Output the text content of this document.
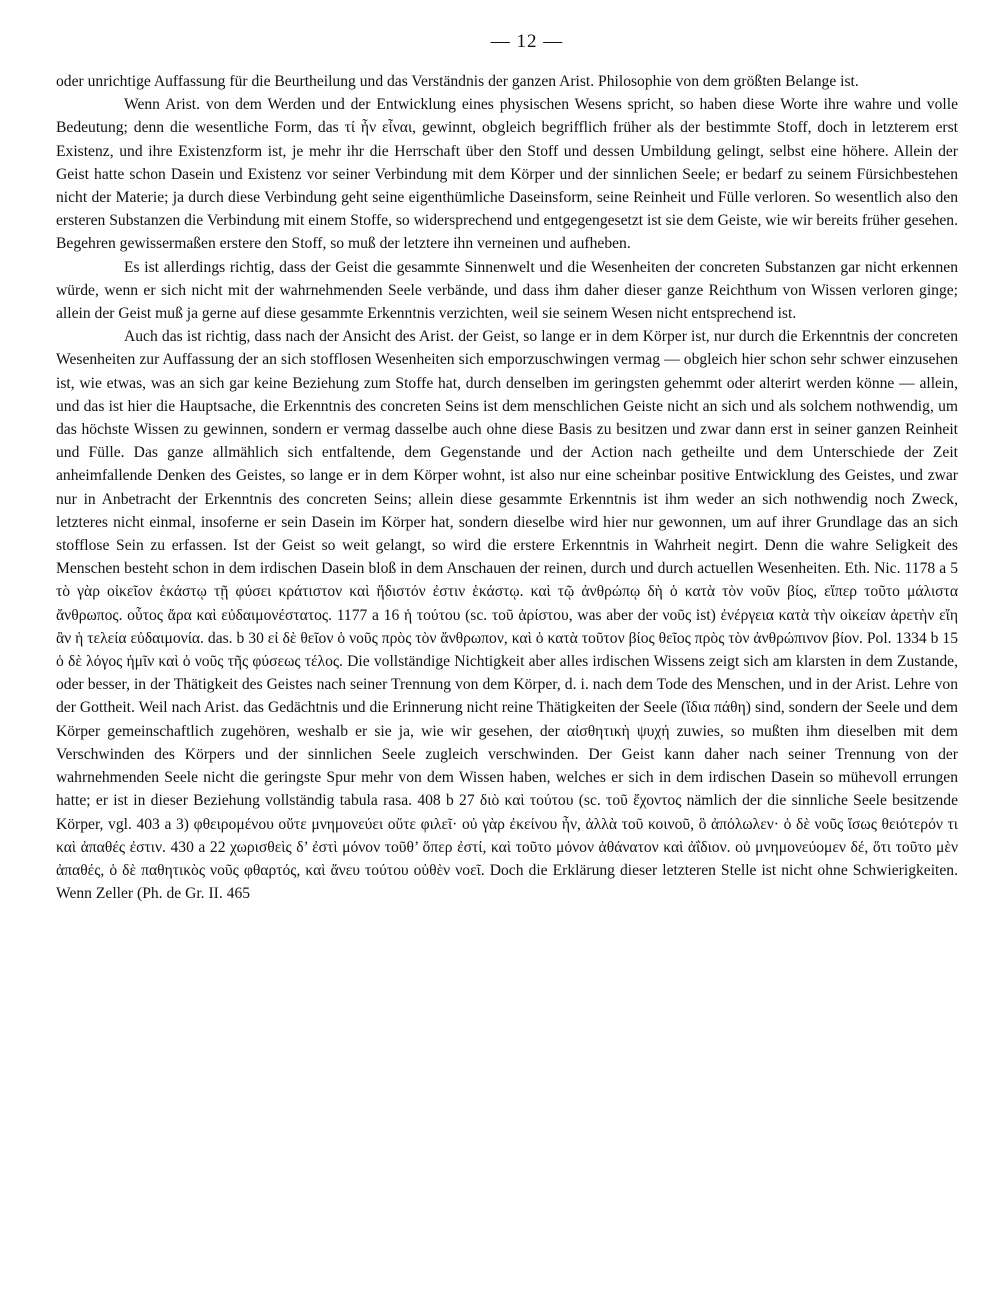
— 12 —

oder unrichtige Auffassung für die Beurtheilung und das Verständnis der ganzen Arist. Philosophie von dem größten Belange ist.

Wenn Arist. von dem Werden und der Entwicklung eines physischen Wesens spricht, so haben diese Worte ihre wahre und volle Bedeutung; denn die wesentliche Form, das τί ἦν εἶναι, gewinnt, obgleich begrifflich früher als der bestimmte Stoff, doch in letzterem erst Existenz, und ihre Existenzform ist, je mehr ihr die Herrschaft über den Stoff und dessen Umbildung gelingt, selbst eine höhere. Allein der Geist hatte schon Dasein und Existenz vor seiner Verbindung mit dem Körper und der sinnlichen Seele; er bedarf zu seinem Fürsichbestehen nicht der Materie; ja durch diese Verbindung geht seine eigenthümliche Daseinsform, seine Reinheit und Fülle verloren. So wesentlich also den ersteren Substanzen die Verbindung mit einem Stoffe, so widersprechend und entgegengesetzt ist sie dem Geiste, wie wir bereits früher gesehen. Begehren gewissermaßen erstere den Stoff, so muß der letztere ihn verneinen und aufheben.

Es ist allerdings richtig, dass der Geist die gesammte Sinnenwelt und die Wesenheiten der concreten Substanzen gar nicht erkennen würde, wenn er sich nicht mit der wahrnehmenden Seele verbände, und dass ihm daher dieser ganze Reichthum von Wissen verloren ginge; allein der Geist muß ja gerne auf diese gesammte Erkenntnis verzichten, weil sie seinem Wesen nicht entsprechend ist.

Auch das ist richtig, dass nach der Ansicht des Arist. der Geist, so lange er in dem Körper ist, nur durch die Erkenntnis der concreten Wesenheiten zur Auffassung der an sich stofflosen Wesenheiten sich emporzuschwingen vermag — obgleich hier schon sehr schwer einzusehen ist, wie etwas, was an sich gar keine Beziehung zum Stoffe hat, durch denselben im geringsten gehemmt oder alterirt werden könne — allein, und das ist hier die Hauptsache, die Erkenntnis des concreten Seins ist dem menschlichen Geiste nicht an sich und als solchem nothwendig, um das höchste Wissen zu gewinnen, sondern er vermag dasselbe auch ohne diese Basis zu besitzen und zwar dann erst in seiner ganzen Reinheit und Fülle. Das ganze allmählich sich entfaltende, dem Gegenstande und der Action nach getheilte und dem Unterschiede der Zeit anheimfallende Denken des Geistes, so lange er in dem Körper wohnt, ist also nur eine scheinbar positive Entwicklung des Geistes, und zwar nur in Anbetracht der Erkenntnis des concreten Seins; allein diese gesammte Erkenntnis ist ihm weder an sich nothwendig noch Zweck, letzteres nicht einmal, insoferne er sein Dasein im Körper hat, sondern dieselbe wird hier nur gewonnen, um auf ihrer Grundlage das an sich stofflose Sein zu erfassen. Ist der Geist so weit gelangt, so wird die erstere Erkenntnis in Wahrheit negirt. Denn die wahre Seligkeit des Menschen besteht schon in dem irdischen Dasein bloß in dem Anschauen der reinen, durch und durch actuellen Wesenheiten. Eth. Nic. 1178 a 5 τὸ γὰρ οἰκεῖον ἑκάστῳ τῇ φύσει κράτιστον καὶ ἥδιστόν ἐστιν ἑκάστῳ. καὶ τῷ ἀνθρώπῳ δὴ ὁ κατὰ τὸν νοῦν βίος, εἴπερ τοῦτο μάλιστα ἄνθρωπος. οὗτος ἄρα καὶ εὐδαιμονέστατος. 1177 a 16 ἡ τούτου (sc. τοῦ ἀρίστου, was aber der νοῦς ist) ἐνέργεια κατὰ τὴν οἰκείαν ἀρετὴν εἴη ἂν ἡ τελεία εὐδαιμονία. das. b 30 εἰ δὲ θεῖον ὁ νοῦς πρὸς τὸν ἄνθρωπον, καὶ ὁ κατὰ τοῦτον βίος θεῖος πρὸς τὸν ἀνθρώπινον βίον. Pol. 1334 b 15 ὁ δὲ λόγος ἡμῖν καὶ ὁ νοῦς τῆς φύσεως τέλος. Die vollständige Nichtigkeit aber alles irdischen Wissens zeigt sich am klarsten in dem Zustande, oder besser, in der Thätigkeit des Geistes nach seiner Trennung von dem Körper, d. i. nach dem Tode des Menschen, und in der Arist. Lehre von der Gottheit. Weil nach Arist. das Gedächtnis und die Erinnerung nicht reine Thätigkeiten der Seele (ἴδια πάθη) sind, sondern der Seele und dem Körper gemeinschaftlich zugehören, weshalb er sie ja, wie wir gesehen, der αἰσθητικὴ ψυχή zuwies, so mußten ihm dieselben mit dem Verschwinden des Körpers und der sinnlichen Seele zugleich verschwinden. Der Geist kann daher nach seiner Trennung von der wahrnehmenden Seele nicht die geringste Spur mehr von dem Wissen haben, welches er sich in dem irdischen Dasein so mühevoll errungen hatte; er ist in dieser Beziehung vollständig tabula rasa. 408 b 27 διὸ καὶ τούτου (sc. τοῦ ἔχοντος nämlich der die sinnliche Seele besitzende Körper, vgl. 403 a 3) φθειρομένου οὔτε μνημονεύει οὔτε φιλεῖ· οὐ γὰρ ἐκείνου ἦν, ἀλλὰ τοῦ κοινοῦ, ὃ ἀπόλωλεν· ὁ δὲ νοῦς ἴσως θειότερόν τι καὶ ἀπαθές ἐστιν. 430 a 22 χωρισθεὶς δ’ ἐστὶ μόνον τοῦθ’ ὅπερ ἐστί, καὶ τοῦτο μόνον ἀθάνατον καὶ ἀΐδιον. οὐ μνημονεύομεν δέ, ὅτι τοῦτο μὲν ἀπαθές, ὁ δὲ παθητικὸς νοῦς φθαρτός, καὶ ἄνευ τούτου οὐθὲν νοεῖ. Doch die Erklärung dieser letzteren Stelle ist nicht ohne Schwierigkeiten. Wenn Zeller (Ph. de Gr. II. 465
